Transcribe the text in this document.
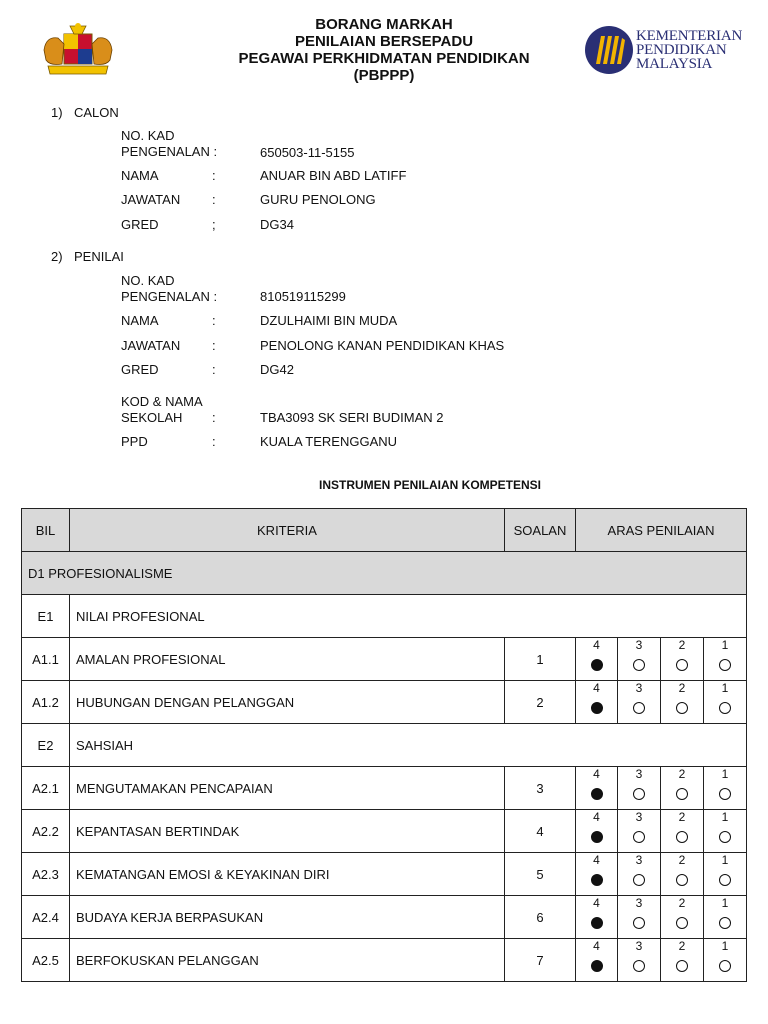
BORANG MARKAH
PENILAIAN BERSEPADU
PEGAWAI PERKHIDMATAN PENDIDIKAN
(PBPPP)
KEMENTERIAN
PENDIDIKAN
MALAYSIA
1) CALON
NO. KAD
PENGENALAN :	650503-11-5155
NAMA	:	ANUAR BIN ABD LATIFF
JAWATAN :	GURU PENOLONG
GRED	;	DG34
2) PENILAI
NO. KAD
PENGENALAN :	810519115299
NAMA	:	DZULHAIMI BIN MUDA
JAWATAN :	PENOLONG KANAN PENDIDIKAN KHAS
GRED	:	DG42
KOD & NAMA
SEKOLAH	:	TBA3093 SK SERI BUDIMAN 2
PPD	:	KUALA TERENGGANU
INSTRUMEN PENILAIAN KOMPETENSI
BIL	KRITERIA	SOALAN	ARAS PENILAIAN			
D1 PROFESIONALISME						
E1	NILAI PROFESIONAL					
A1.1	AMALAN PROFESIONAL	1	4	3	2	1

A1.2	HUBUNGAN DENGAN PELANGGAN	2	4	3	2	1

E2	SAHSIAH					
A2.1	MENGUTAMAKAN PENCAPAIAN	3	4	3	2	1

A2.2	KEPANTASAN BERTINDAK	4	4	3	2	1

A2.3	KEMATANGAN EMOSI & KEYAKINAN DIRI	5	4	3	2	1

A2.4	BUDAYA KERJA BERPASUKAN	6	4	3	2	1

A2.5	BERFOKUSKAN PELANGGAN	7	4	3	2	1
